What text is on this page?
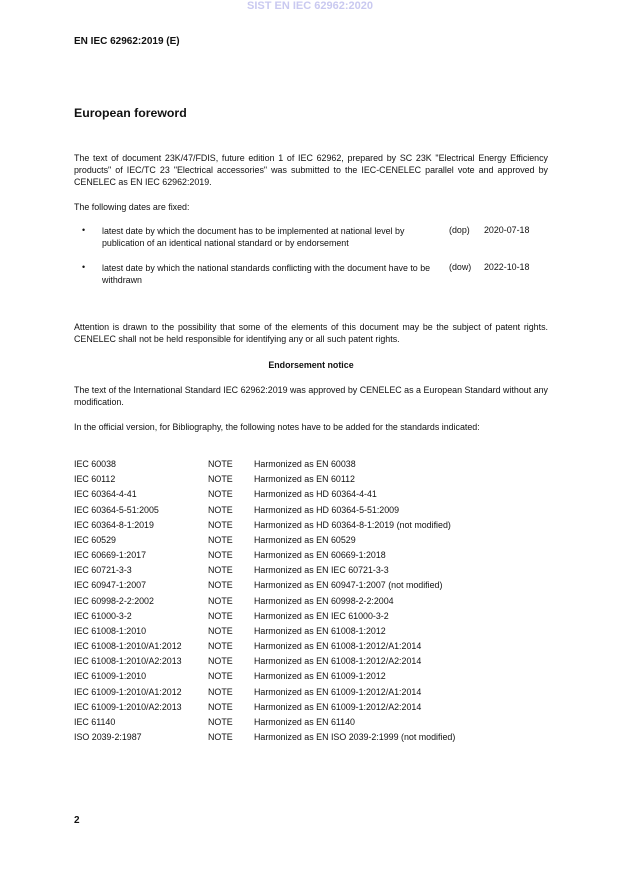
SIST EN IEC 62962:2020
EN IEC 62962:2019 (E)
European foreword
The text of document 23K/47/FDIS, future edition 1 of IEC 62962, prepared by SC 23K "Electrical Energy Efficiency products" of IEC/TC 23 "Electrical accessories" was submitted to the IEC-CENELEC parallel vote and approved by CENELEC as EN IEC 62962:2019.
The following dates are fixed:
• latest date by which the document has to be implemented at national level by publication of an identical national standard or by endorsement
(dop) 2020-07-18
• latest date by which the national standards conflicting with the document have to be withdrawn
(dow) 2022-10-18
Attention is drawn to the possibility that some of the elements of this document may be the subject of patent rights. CENELEC shall not be held responsible for identifying any or all such patent rights.
Endorsement notice
The text of the International Standard IEC 62962:2019 was approved by CENELEC as a European Standard without any modification.
In the official version, for Bibliography, the following notes have to be added for the standards indicated:
IEC 60038	NOTE Harmonized as EN 60038
IEC 60112	NOTE Harmonized as EN 60112
IEC 60364-4-41	NOTE Harmonized as HD 60364-4-41
IEC 60364-5-51:2005	NOTE Harmonized as HD 60364-5-51:2009
IEC 60364-8-1:2019	NOTE Harmonized as HD 60364-8-1:2019 (not modified)
IEC 60529	NOTE Harmonized as EN 60529
IEC 60669-1:2017	NOTE Harmonized as EN 60669-1:2018
IEC 60721-3-3	NOTE Harmonized as EN IEC 60721-3-3
IEC 60947-1:2007	NOTE Harmonized as EN 60947-1:2007 (not modified)
IEC 60998-2-2:2002	NOTE Harmonized as EN 60998-2-2:2004
IEC 61000-3-2	NOTE Harmonized as EN IEC 61000-3-2
IEC 61008-1:2010	NOTE Harmonized as EN 61008-1:2012
IEC 61008-1:2010/A1:2012	NOTE Harmonized as EN 61008-1:2012/A1:2014
IEC 61008-1:2010/A2:2013	NOTE Harmonized as EN 61008-1:2012/A2:2014
IEC 61009-1:2010	NOTE Harmonized as EN 61009-1:2012
IEC 61009-1:2010/A1:2012	NOTE Harmonized as EN 61009-1:2012/A1:2014
IEC 61009-1:2010/A2:2013	NOTE Harmonized as EN 61009-1:2012/A2:2014
IEC 61140	NOTE Harmonized as EN 61140
ISO 2039-2:1987	NOTE Harmonized as EN ISO 2039-2:1999 (not modified)
2
